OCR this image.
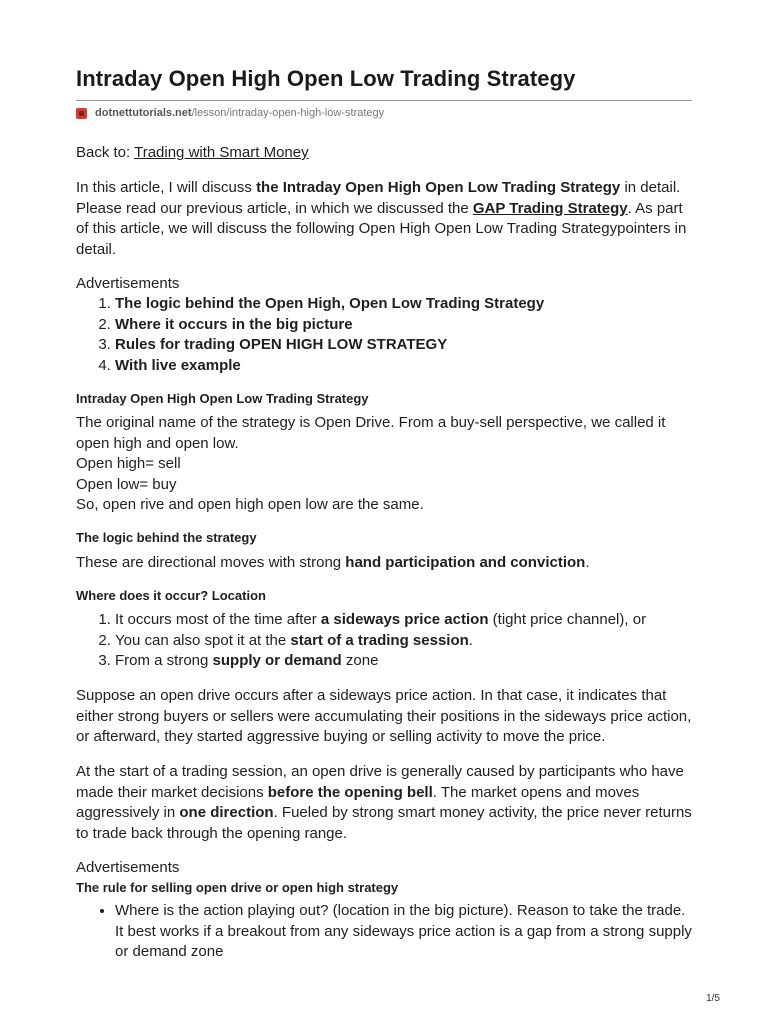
Intraday Open High Open Low Trading Strategy
dotnettutorials.net /lesson/intraday-open-high-low-strategy

Back to: Trading with Smart Money

In this article, I will discuss the Intraday Open High Open Low Trading Strategy in detail. Please read our previous article, in which we discussed the GAP Trading Strategy. As part of this article, we will discuss the following Open High Open Low Trading Strategypointers in detail.

Advertisements

1. The logic behind the Open High, Open Low Trading Strategy
2. Where it occurs in the big picture
3. Rules for trading OPEN HIGH LOW STRATEGY
4. With live example
Intraday Open High Open Low Trading Strategy

The original name of the strategy is Open Drive. From a buy-sell perspective, we called it open high and open low.

Open high= sell

Open low= buy

So, open rive and open high open low are the same.

The logic behind the strategy

These are directional moves with strong hand participation and conviction.

Where does it occur? Location
1. It occurs most of the time after a sideways price action (tight price channel), or
2. You can also spot it at the start of a trading session.
3. From a strong supply or demand zone

Suppose an open drive occurs after a sideways price action. In that case, it indicates that either strong buyers or sellers were accumulating their positions in the sideways price action, or afterward, they started aggressive buying or selling activity to move the price.

At the start of a trading session, an open drive is generally caused by participants who have made their market decisions before the opening bell. The market opens and moves aggressively in one direction. Fueled by strong smart money activity, the price never returns to trade back through the opening range.

Advertisements

The rule for selling open drive or open high strategy
• Where is the action playing out? (location in the big picture). Reason to take the trade. It best works if a breakout from any sideways price action is a gap from a strong supply or demand zone
1/5
